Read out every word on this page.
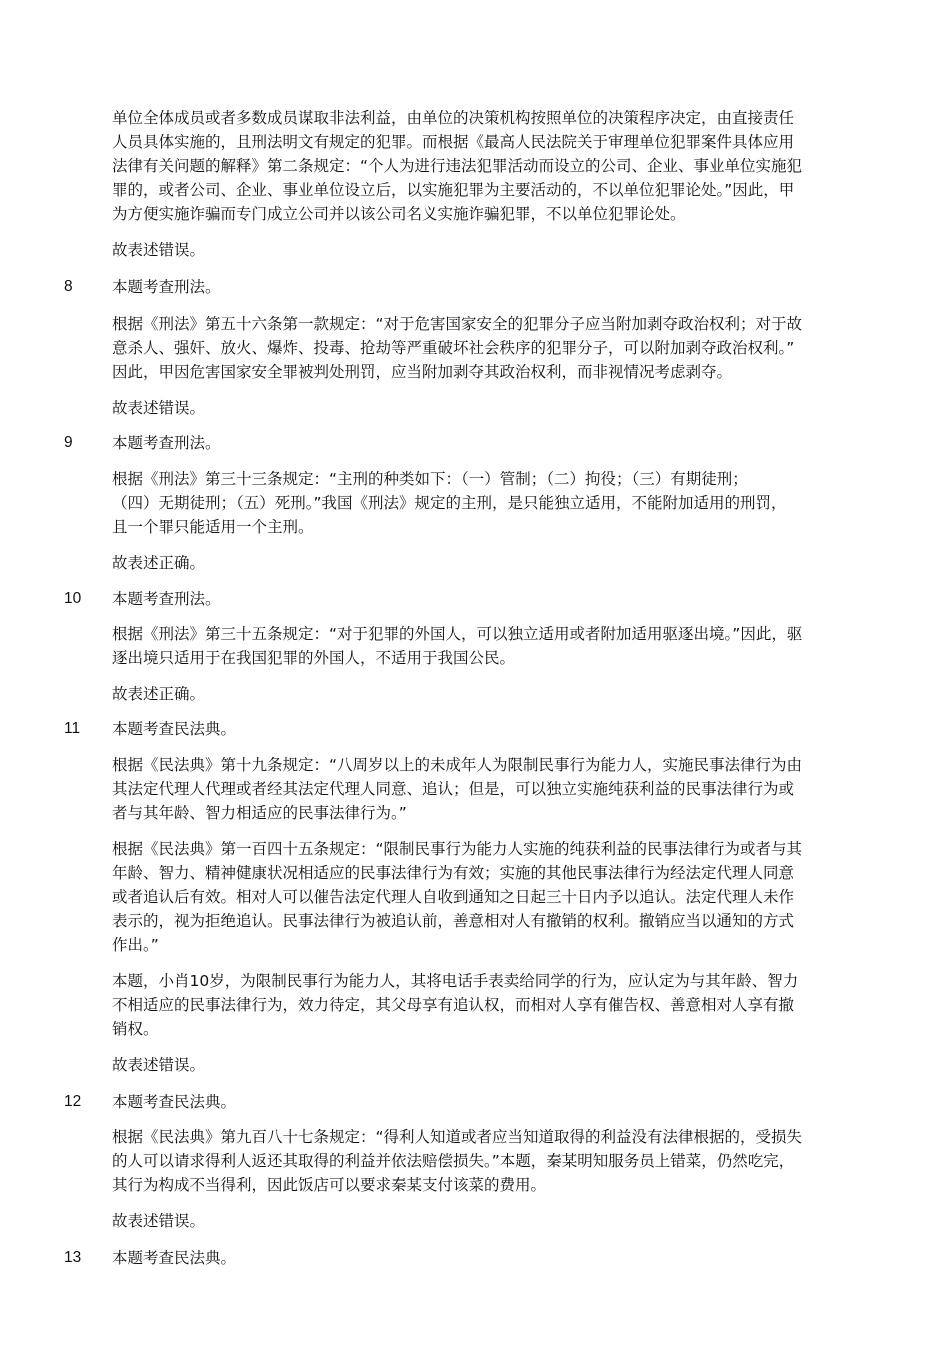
单位全体成员或者多数成员谋取非法利益，由单位的决策机构按照单位的决策程序决定，由直接责任
人员具体实施的，且刑法明文有规定的犯罪。而根据《最高人民法院关于审理单位犯罪案件具体应用
法律有关问题的解释》第二条规定：“个人为进行违法犯罪活动而设立的公司、企业、事业单位实施犯
罪的，或者公司、企业、事业单位设立后，以实施犯罪为主要活动的，不以单位犯罪论处。”因此，甲
为方便实施诈骗而专门成立公司并以该公司名义实施诈骗犯罪，不以单位犯罪论处。
故表述错误。
8	本题考查刑法。
根据《刑法》第五十六条第一款规定：“对于危害国家安全的犯罪分子应当附加剥夺政治权利；对于故
意杀人、强奸、放火、爆炸、投毒、抢劫等严重破坏社会秩序的犯罪分子，可以附加剥夺政治权利。”
因此，甲因危害国家安全罪被判处刑罚，应当附加剥夺其政治权利，而非视情况考虑剥夺。
故表述错误。
9	本题考查刑法。
根据《刑法》第三十三条规定：“主刑的种类如下：（一）管制；（二）拘役；（三）有期徒刑；
（四）无期徒刑；（五）死刑。”我国《刑法》规定的主刑，是只能独立适用，不能附加适用的刑罚，
且一个罪只能适用一个主刑。
故表述正确。
10 本题考查刑法。
根据《刑法》第三十五条规定：“对于犯罪的外国人，可以独立适用或者附加适用驱逐出境。”因此，驱
逐出境只适用于在我国犯罪的外国人，不适用于我国公民。
故表述正确。
11 本题考查民法典。
根据《民法典》第十九条规定：“八周岁以上的未成年人为限制民事行为能力人，实施民事法律行为由
其法定代理人代理或者经其法定代理人同意、追认；但是，可以独立实施纯获利益的民事法律行为或
者与其年龄、智力相适应的民事法律行为。”
根据《民法典》第一百四十五条规定：“限制民事行为能力人实施的纯获利益的民事法律行为或者与其
年龄、智力、精神健康状况相适应的民事法律行为有效；实施的其他民事法律行为经法定代理人同意
或者追认后有效。相对人可以催告法定代理人自收到通知之日起三十日内予以追认。法定代理人未作
表示的，视为拒绝追认。民事法律行为被追认前，善意相对人有撤销的权利。撤销应当以通知的方式
作出。”
本题，小肖10岁，为限制民事行为能力人，其将电话手表卖给同学的行为，应认定为与其年龄、智力
不相适应的民事法律行为，效力待定，其父母享有追认权，而相对人享有催告权、善意相对人享有撤
销权。
故表述错误。
12 本题考查民法典。
根据《民法典》第九百八十七条规定：“得利人知道或者应当知道取得的利益没有法律根据的，受损失
的人可以请求得利人返还其取得的利益并依法赔偿损失。”本题，秦某明知服务员上错菜，仍然吃完，
其行为构成不当得利，因此饭店可以要求秦某支付该菜的费用。
故表述错误。
13 本题考查民法典。
